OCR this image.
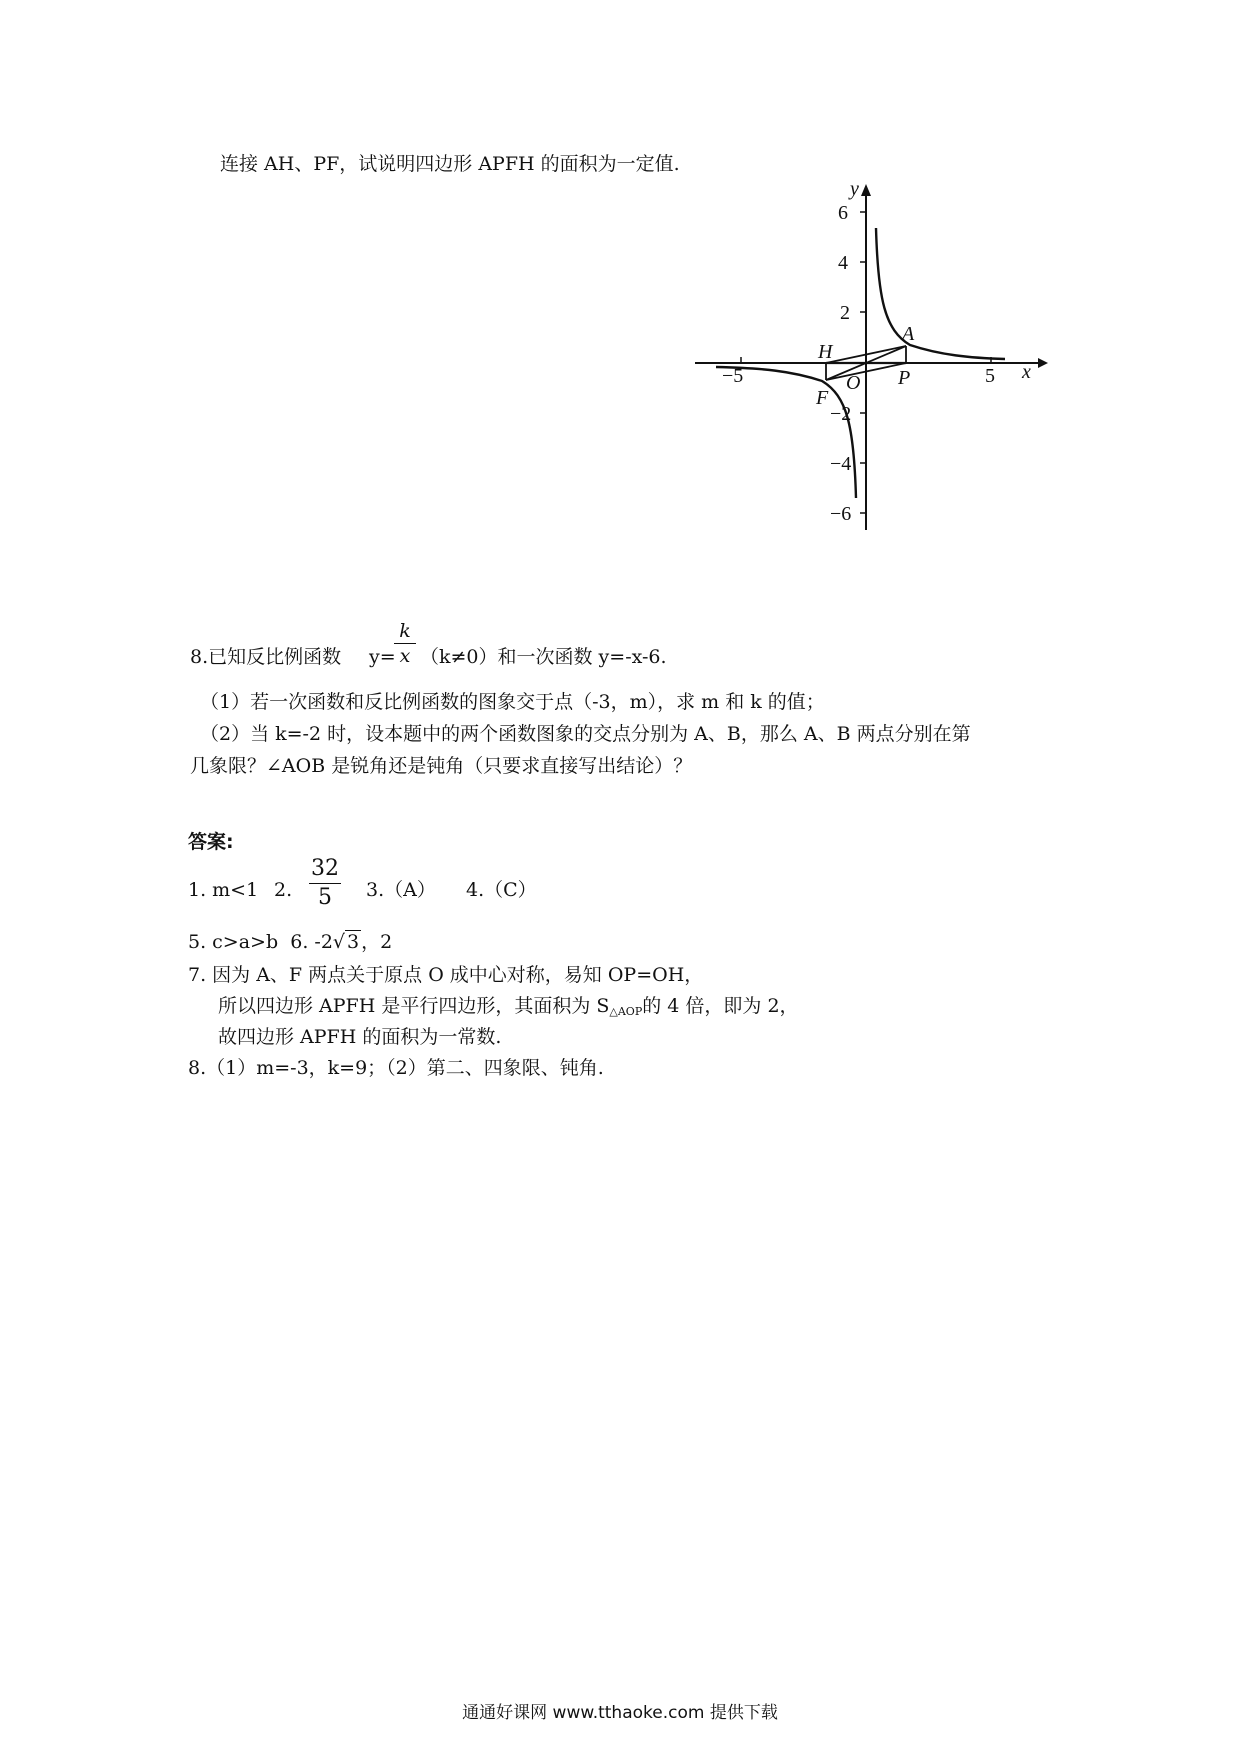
连接 AH、PF，试说明四边形 APFH 的面积为一定值.
6
4
2
−2
−4
−6
−5	5 x
y
O
A
H
P
F
8.已知反比例函数 y=
k
x （k≠0）和一次函数 y=-x-6.
（1）若一次函数和反比例函数的图象交于点（-3，m），求 m 和 k 的值；
（2）当 k=-2 时，设本题中的两个函数图象的交点分别为 A、B，那么 A、B 两点分别在第
几象限？∠AOB 是锐角还是钝角（只要求直接写出结论）？
答案:
1. m<1 2.
32
5	3.（A） 4.（C）
5. c>a>b 6. -2√ 3 ，2
7. 因为 A、F 两点关于原点 O 成中心对称，易知 OP=OH，
所以四边形 APFH 是平行四边形，其面积为 S△AOP的 4 倍，即为 2，
故四边形 APFH 的面积为一常数.
8.（1）m=-3，k=9；（2）第二、四象限、钝角.
通通好课网 www.tthaoke.com 提供下载
